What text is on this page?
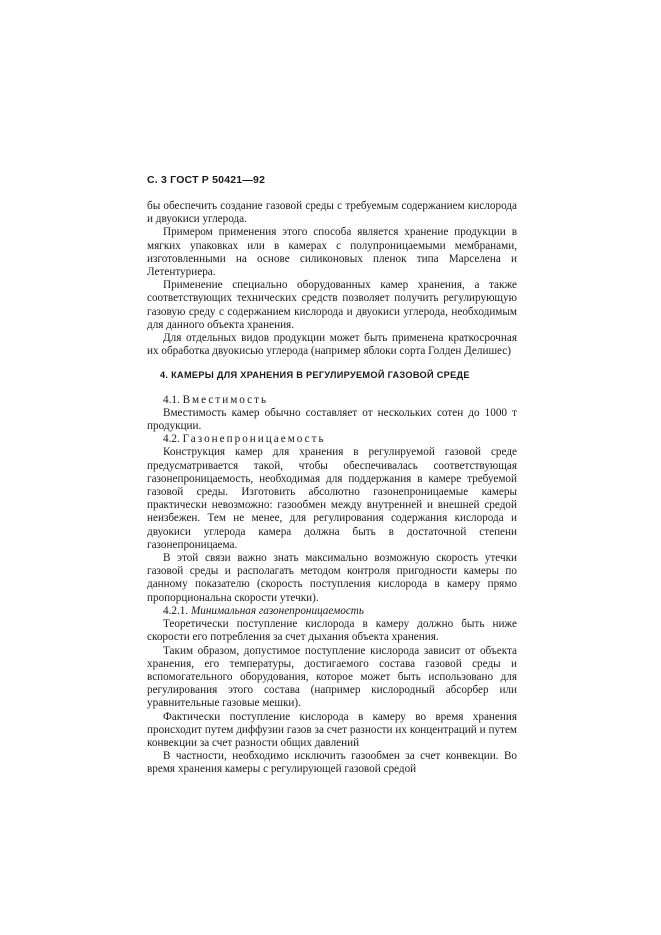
С. 3 ГОСТ Р 50421—92

бы обеспечить создание газовой среды с требуемым содержанием кислорода и двуокиси углерода.

Примером применения этого способа является хранение продукции в мягких упаковках или в камерах с полупроницаемыми мембранами, изготовленными на основе силиконовых пленок типа Марселена и Летентуриера.

Применение специально оборудованных камер хранения, а также соответствующих технических средств позволяет получить регулирующую газовую среду с содержанием кислорода и двуокиси углерода, необходимым для данного объекта хранения.

Для отдельных видов продукции может быть применена краткосрочная их обработка двуокисью углерода (например яблоки сорта Голден Делишес)

4. КАМЕРЫ ДЛЯ ХРАНЕНИЯ В РЕГУЛИРУЕМОЙ ГАЗОВОЙ СРЕДЕ

4.1. Вместимость

Вместимость камер обычно составляет от нескольких сотен до 1000 т продукции.

4.2. Газонепроницаемость

Конструкция камер для хранения в регулируемой газовой среде предусматривается такой, чтобы обеспечивалась соответствующая газонепроницаемость, необходимая для поддержания в камере требуемой газовой среды. Изготовить абсолютно газонепроницаемые камеры практически невозможно: газообмен между внутренней и внешней средой неизбежен. Тем не менее, для регулирования содержания кислорода и двуокиси углерода камера должна быть в достаточной степени газонепроницаема.

В этой связи важно знать максимально возможную скорость утечки газовой среды и располагать методом контроля пригодности камеры по данному показателю (скорость поступления кислорода в камеру прямо пропорциональна скорости утечки).

4.2.1. Минимальная газонепроницаемость

Теоретически поступление кислорода в камеру должно быть ниже скорости его потребления за счет дыхания объекта хранения.

Таким образом, допустимое поступление кислорода зависит от объекта хранения, его температуры, достигаемого состава газовой среды и вспомогательного оборудования, которое может быть использовано для регулирования этого состава (например кислородный абсорбер или уравнительные газовые мешки).

Фактически поступление кислорода в камеру во время хранения происходит путем диффузии газов за счет разности их концентраций и путем конвекции за счет разности общих давлений

В частности, необходимо исключить газообмен за счет конвекции. Во время хранения камеры с регулирующей газовой средой
